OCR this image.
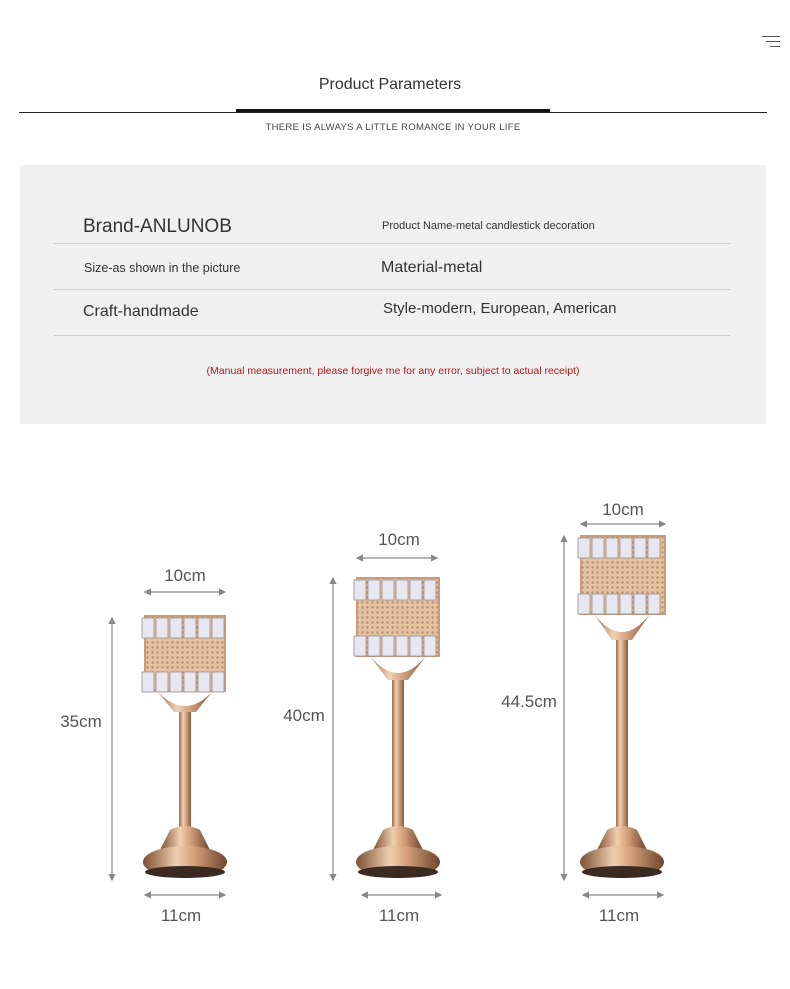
Product Parameters
THERE IS ALWAYS A LITTLE ROMANCE IN YOUR LIFE
Brand-ANLUNOB	Product Name-metal candlestick decoration
Size-as shown in the picture	Material-metal
Craft-handmade	Style-modern, European, American
(Manual measurement, please forgive me for any error, subject to actual receipt)
10cm
35cm
11cm
10cm
40cm
11cm
10cm
44.5cm
11cm
